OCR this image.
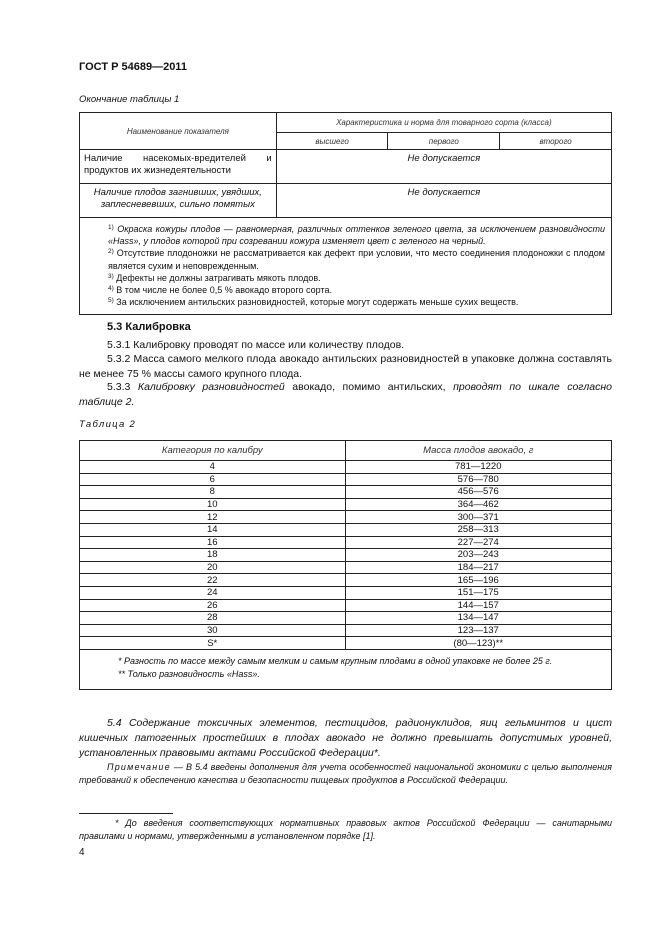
ГОСТ Р 54689—2011
Окончание таблицы 1
Наименование показателя	Характеристика и норма для товарного сорта (класса)		
	высшего	первого	второго
Наличие насекомых-вредителей и продуктов их жизнедеятельности	Не допускается		
Наличие плодов загнивших, увядших, заплесневевших, сильно помятых	Не допускается		

$^{1)}$ Окраска кожуры плодов — равномерная, различных оттенков зеленого цвета, за исключением разновидности «Hass», у плодов которой при созревании кожура изменяет цвет с зеленого на черный.
$^{2)}$ Отсутствие плодоножки не рассматривается как дефект при условии, что место соединения плодоножки с плодом является сухим и неповрежденным.
$^{3)}$ Дефекты не должны затрагивать мякоть плодов.
$^{4)}$ В том числе не более 0,5 % авокадо второго сорта.
$^{5)}$ За исключением антильских разновидностей, которые могут содержать меньше сухих веществ.			
5.3 Калибровка
5.3.1 Калибровку проводят по массе или количеству плодов.
5.3.2 Масса самого мелкого плода авокадо антильских разновидностей в упаковке должна составлять не менее 75 % массы самого крупного плода.
5.3.3 Калибровку разновидностей авокадо, помимо антильских, проводят по шкале согласно таблице 2.
Таблица 2
Категория по калибру	Масса плодов авокадо, г
4	781—1220
6	576—780
8	456—576
10	364—462
12	300—371
14	258—313
16	227—274
18	203—243
20	184—217
22	165—196
24	151—175
26	144—157
28	134—147
30	123—137
S*	(80—123)**

* Разность по массе между самым мелким и самым крупным плодами в одной упаковке не более 25 г.
** Только разновидность «Hass».	
5.4 Содержание токсичных элементов, пестицидов, радионуклидов, яиц гельминтов и цист кишечных патогенных простейших в плодах авокадо не должно превышать допустимых уровней, установленных правовыми актами Российской Федерации*.
Примечание — В 5.4 введены дополнения для учета особенностей национальной экономики с целью выполнения требований к обеспечению качества и безопасности пищевых продуктов в Российской Федерации.
* До введения соответствующих нормативных правовых актов Российской Федерации — санитарными правилами и нормами, утвержденными в установленном порядке [1].
4
